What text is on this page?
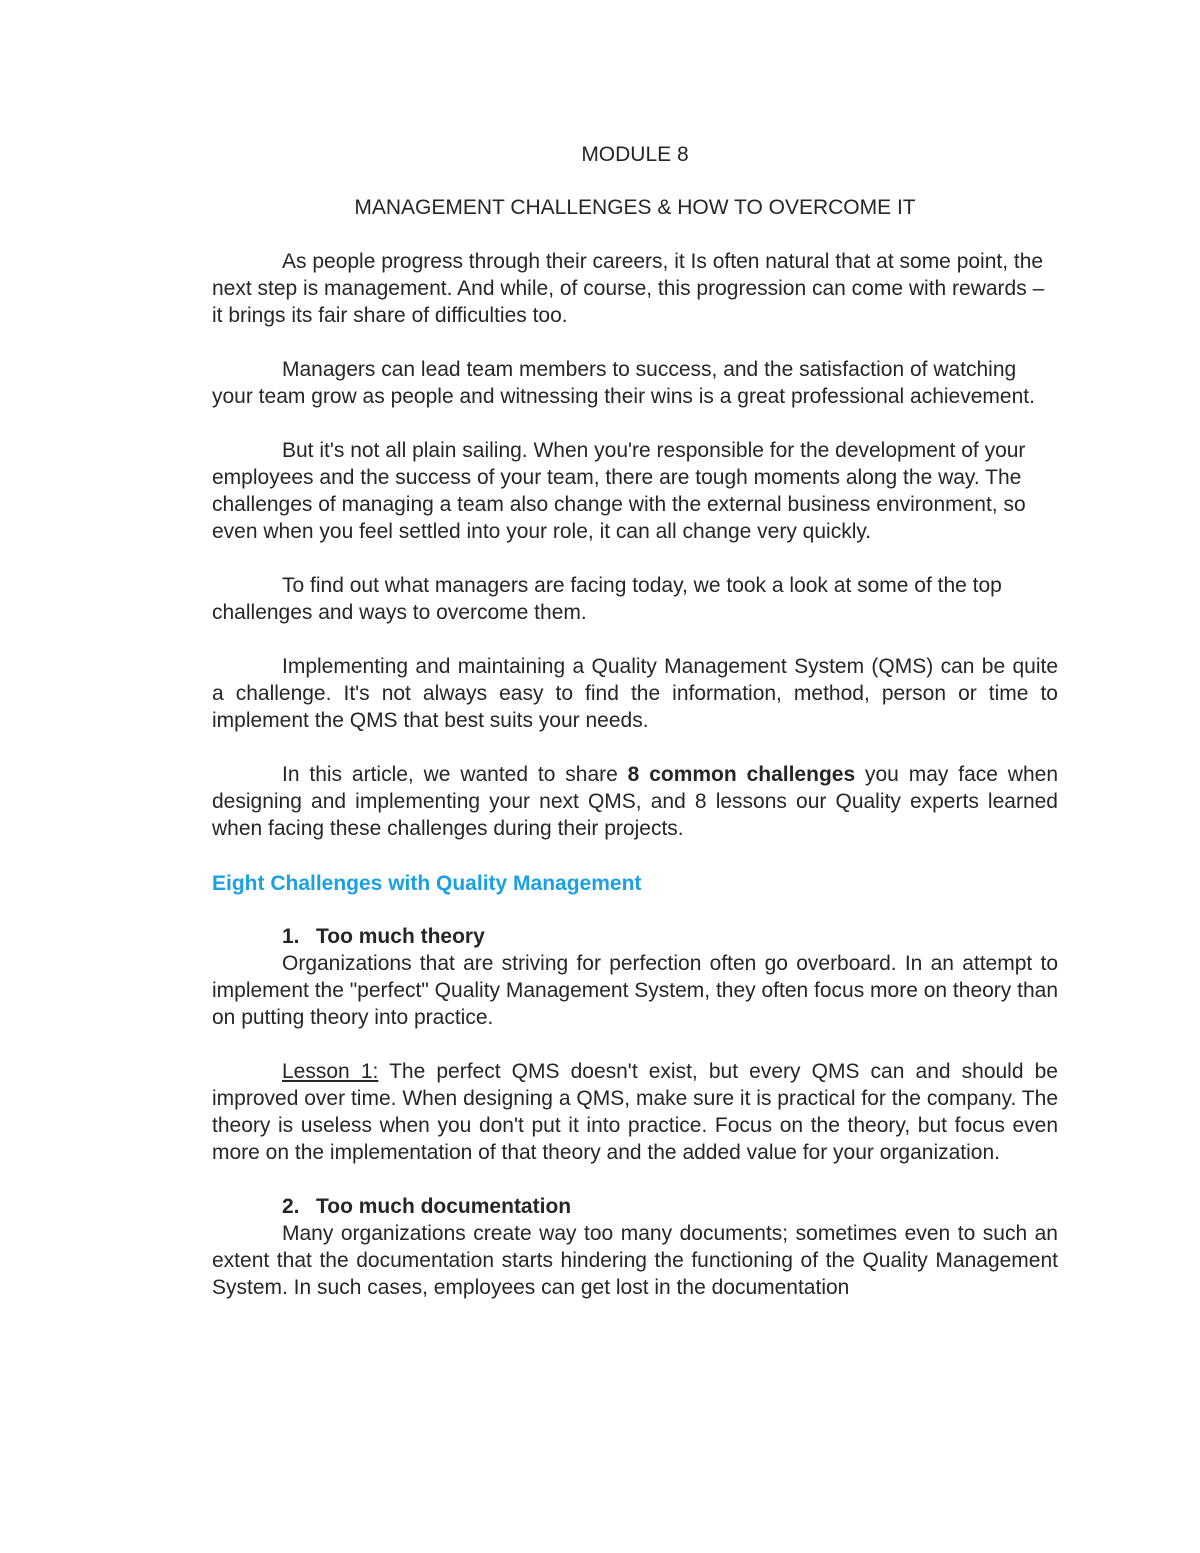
MODULE 8
MANAGEMENT CHALLENGES & HOW TO OVERCOME IT

As people progress through their careers, it Is often natural that at some point, the next step is management. And while, of course, this progression can come with rewards – it brings its fair share of difficulties too.

Managers can lead team members to success, and the satisfaction of watching your team grow as people and witnessing their wins is a great professional achievement.

But it's not all plain sailing. When you're responsible for the development of your employees and the success of your team, there are tough moments along the way. The challenges of managing a team also change with the external business environment, so even when you feel settled into your role, it can all change very quickly.

To find out what managers are facing today, we took a look at some of the top challenges and ways to overcome them.

Implementing and maintaining a Quality Management System (QMS) can be quite a challenge. It's not always easy to find the information, method, person or time to implement the QMS that best suits your needs.

In this article, we wanted to share 8 common challenges you may face when designing and implementing your next QMS, and 8 lessons our Quality experts learned when facing these challenges during their projects.

Eight Challenges with Quality Management
1. Too much theory

Organizations that are striving for perfection often go overboard. In an attempt to implement the "perfect" Quality Management System, they often focus more on theory than on putting theory into practice.

Lesson 1: The perfect QMS doesn't exist, but every QMS can and should be improved over time. When designing a QMS, make sure it is practical for the company. The theory is useless when you don't put it into practice. Focus on the theory, but focus even more on the implementation of that theory and the added value for your organization.

2. Too much documentation

Many organizations create way too many documents; sometimes even to such an extent that the documentation starts hindering the functioning of the Quality Management System. In such cases, employees can get lost in the documentation
